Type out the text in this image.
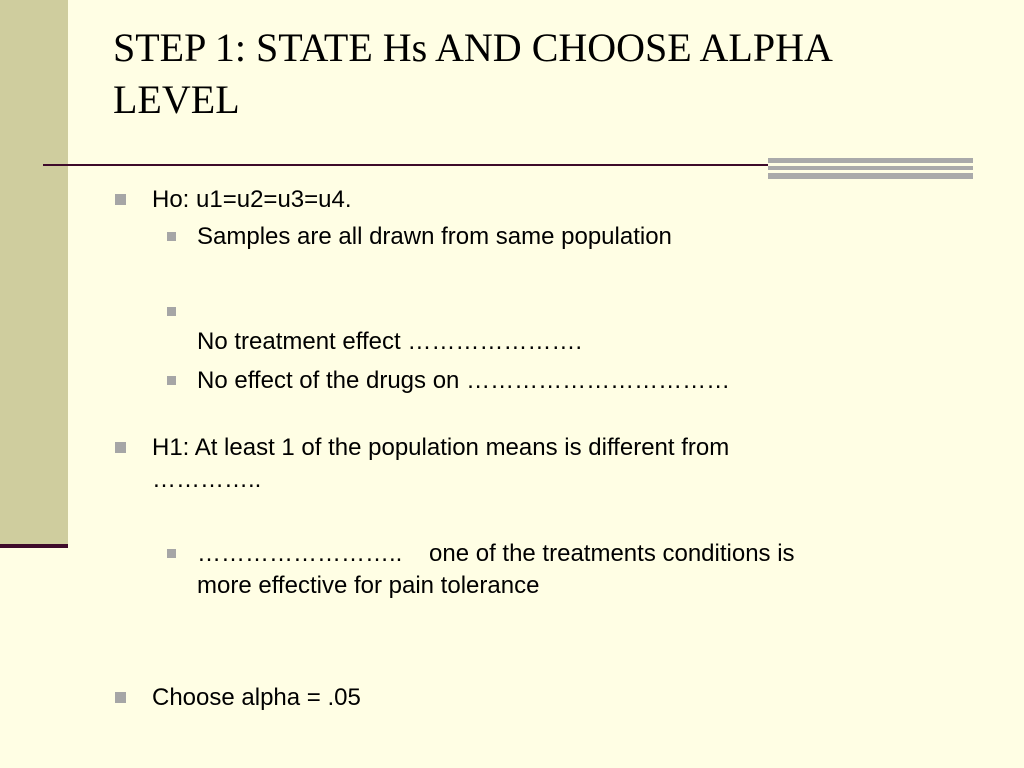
STEP 1: STATE Hs AND CHOOSE ALPHA
LEVEL
Ho: u1=u2=u3=u4.
Samples are all drawn from same population
No treatment effect ………………….
No effect of the drugs on ……………………………
H1: At least 1 of the population means is different from
…………..
……………………..    one of the treatments conditions is
more effective for pain tolerance
Choose alpha = .05
